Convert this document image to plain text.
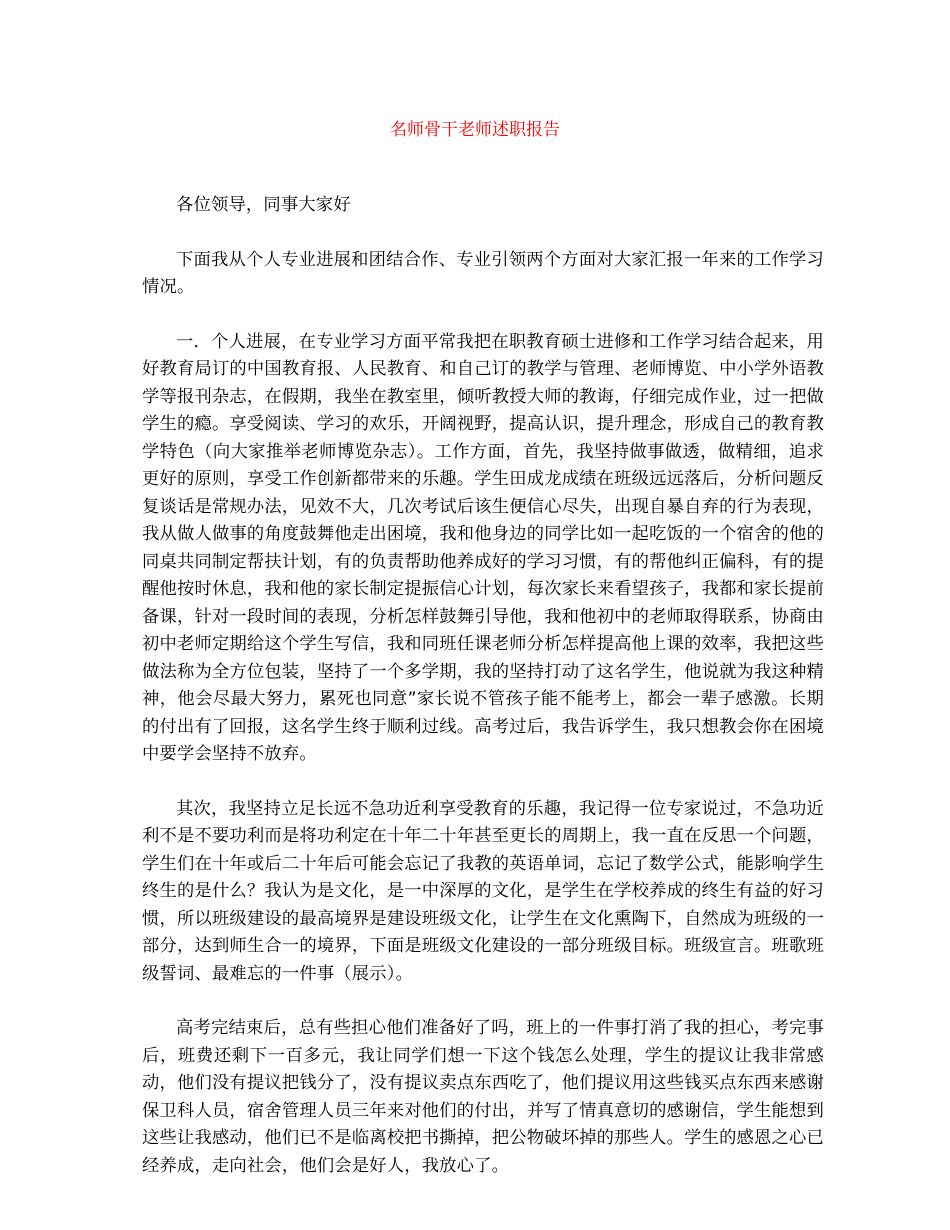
名师骨干老师述职报告

各位领导，同事大家好

下面我从个人专业进展和团结合作、专业引领两个方面对大家汇报一年来的工作学习情况。

一．个人进展，在专业学习方面平常我把在职教育硕士进修和工作学习结合起来，用好教育局订的中国教育报、人民教育、和自己订的教学与管理、老师博览、中小学外语教学等报刊杂志，在假期，我坐在教室里，倾听教授大师的教诲，仔细完成作业，过一把做学生的瘾。享受阅读、学习的欢乐，开阔视野，提高认识，提升理念，形成自己的教育教学特色（向大家推举老师博览杂志）。工作方面，首先，我坚持做事做透，做精细，追求更好的原则，享受工作创新都带来的乐趣。学生田成龙成绩在班级远远落后，分析问题反复谈话是常规办法，见效不大，几次考试后该生便信心尽失，出现自暴自弃的行为表现，我从做人做事的角度鼓舞他走出困境，我和他身边的同学比如一起吃饭的一个宿舍的他的同桌共同制定帮扶计划，有的负责帮助他养成好的学习习惯，有的帮他纠正偏科，有的提醒他按时休息，我和他的家长制定提振信心计划，每次家长来看望孩子，我都和家长提前备课，针对一段时间的表现，分析怎样鼓舞引导他，我和他初中的老师取得联系，协商由初中老师定期给这个学生写信，我和同班任课老师分析怎样提高他上课的效率，我把这些做法称为全方位包装，坚持了一个多学期，我的坚持打动了这名学生，他说就为我这种精神，他会尽最大努力，累死也同意”家长说不管孩子能不能考上，都会一辈子感激。长期的付出有了回报，这名学生终于顺利过线。高考过后，我告诉学生，我只想教会你在困境中要学会坚持不放弃。

其次，我坚持立足长远不急功近利享受教育的乐趣，我记得一位专家说过，不急功近利不是不要功利而是将功利定在十年二十年甚至更长的周期上，我一直在反思一个问题，学生们在十年或后二十年后可能会忘记了我教的英语单词，忘记了数学公式，能影响学生终生的是什么？我认为是文化，是一中深厚的文化，是学生在学校养成的终生有益的好习惯，所以班级建设的最高境界是建设班级文化，让学生在文化熏陶下，自然成为班级的一部分，达到师生合一的境界，下面是班级文化建设的一部分班级目标。班级宣言。班歌班级誓词、最难忘的一件事（展示）。

高考完结束后，总有些担心他们准备好了吗，班上的一件事打消了我的担心，考完事后，班费还剩下一百多元，我让同学们想一下这个钱怎么处理，学生的提议让我非常感动，他们没有提议把钱分了，没有提议卖点东西吃了，他们提议用这些钱买点东西来感谢保卫科人员，宿舍管理人员三年来对他们的付出，并写了情真意切的感谢信，学生能想到这些让我感动，他们已不是临离校把书撕掉，把公物破坏掉的那些人。学生的感恩之心已经养成，走向社会，他们会是好人，我放心了。
